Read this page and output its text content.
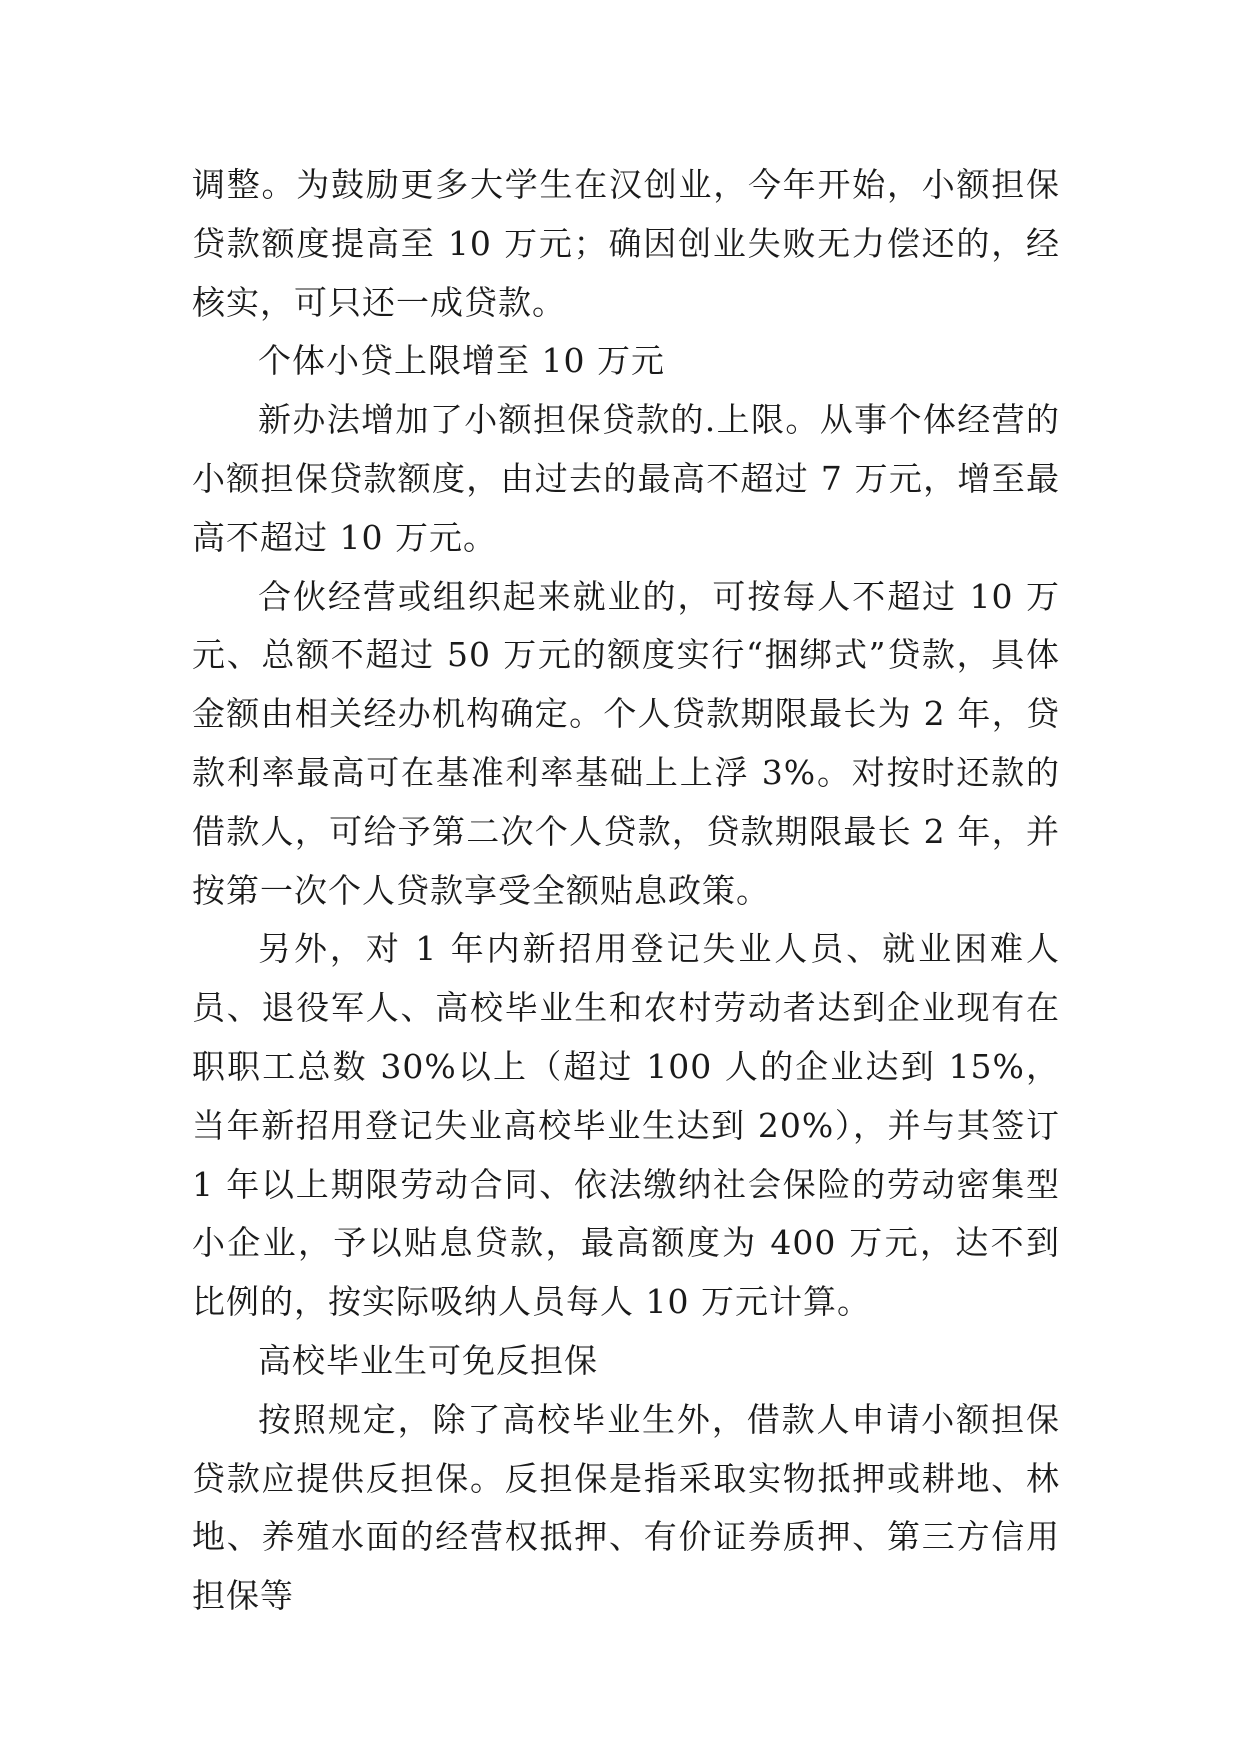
调整。为鼓励更多大学生在汉创业，今年开始，小额担保贷款额度提高至 10 万元；确因创业失败无力偿还的，经核实，可只还一成贷款。

个体小贷上限增至 10 万元

新办法增加了小额担保贷款的.上限。从事个体经营的小额担保贷款额度，由过去的最高不超过 7 万元，增至最高不超过 10 万元。

合伙经营或组织起来就业的，可按每人不超过 10 万元、总额不超过 50 万元的额度实行“捆绑式”贷款，具体金额由相关经办机构确定。个人贷款期限最长为 2 年，贷款利率最高可在基准利率基础上上浮 3%。对按时还款的借款人，可给予第二次个人贷款，贷款期限最长 2 年，并按第一次个人贷款享受全额贴息政策。

另外，对 1 年内新招用登记失业人员、就业困难人员、退役军人、高校毕业生和农村劳动者达到企业现有在职职工总数 30%以上（超过 100 人的企业达到 15%，当年新招用登记失业高校毕业生达到 20%），并与其签订 1 年以上期限劳动合同、依法缴纳社会保险的劳动密集型小企业，予以贴息贷款，最高额度为 400 万元，达不到比例的，按实际吸纳人员每人 10 万元计算。

高校毕业生可免反担保

按照规定，除了高校毕业生外，借款人申请小额担保贷款应提供反担保。反担保是指采取实物抵押或耕地、林地、养殖水面的经营权抵押、有价证券质押、第三方信用担保等
